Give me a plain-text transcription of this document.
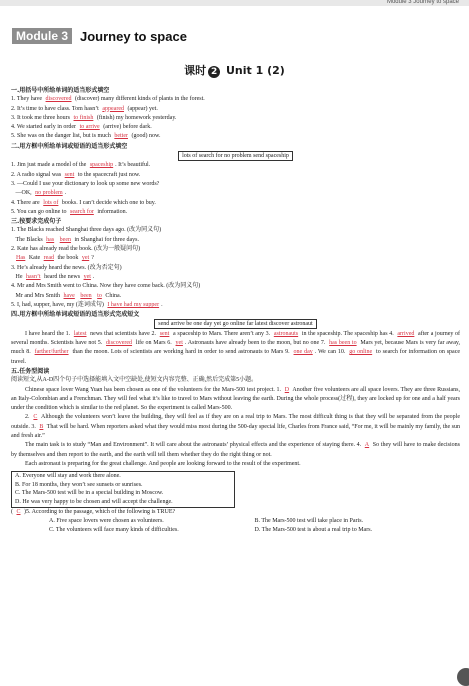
Module 3 Journey to space
Module 3 Journey to space
课时 2 Unit 1 (2)
一.用括号中所给单词的适当形式填空
1. They have discovered (discover) many different kinds of plants in the forest.
2. It’s time to have class. Tom hasn’t appeared (appear) yet.
3. It took me three hours to finish (finish) my homework yesterday.
4. We started early in order to arrive (arrive) before dark.
5. She was on the danger list, but is much better (good) now.
二.用方框中所给单词或短语的适当形式填空
lots of search for no problem send spaceship
1. Jim just made a model of the spaceship . It’s beautiful.
2. A radio signal was sent to the spacecraft just now.
3. —Could I use your dictionary to look up some new words?
—OK, no problem .
4. There are lots of books. I can’t decide which one to buy.
5. You can go online to search for information.
三.按要求完成句子
1. The Blacks reached Shanghai three days ago. (改为同义句)
The Blacks has been in Shanghai for three days.
2. Kate has already read the book. (改为一般疑问句)
Has Kate read the book yet ?
3. He’s already heard the news. (改为否定句)
He hasn’t heard the news yet .
4. Mr and Mrs Smith went to China. Now they have come back. (改为同义句)
Mr and Mrs Smith have been to China.
5. I, had, supper, have, my (连词成句) I have had my supper .
四.用方框中所给单词或短语的适当形式完成短文
send arrive be one day yet go online far latest discover astronaut
I have heard the 1. latest news that scientists have 2. sent a spaceship to Mars. There aren’t any 3. astronauts in the spaceship. The spaceship has 4. arrived after a journey of several months. Scientists have not 5. discovered life on Mars 6. yet . Astronauts have already been to the moon, but no one 7. has been to Mars yet, because Mars is very far away, much 8. farther/further than the moon. Lots of scientists are working hard in order to send astronauts to Mars 9. one day . We can 10. go online to search for information on space travel.
五.任务型阅读
阅读短文,从A-D四个句子中选择能填入文中空缺处,使短文内容完整、正确,然后完成第5小题。
Chinese space lover Wang Yuan has been chosen as one of the volunteers for the Mars-500 test project. 1. D Another five volunteers are all space lovers. They are three Russians, an Italy-Colombian and a Frenchman. They will feel what it’s like to travel to Mars without leaving the earth. During the whole process(过程), they are locked up for one and a half years under the condition which is similar to the red planet. So the experiment is called Mars-500.
2. C Although the volunteers won’t leave the building, they will feel as if they are on a real trip to Mars. The most difficult thing is that they will be separated from the people outside. 3. B That will be hard. When reporters asked what they would miss most during the 500-day special life, Charles from France said, “For me, it will be mainly my family, the sun and fresh air.”
The main task is to study “Man and Environment”. It will care about the astronauts’ physical effects and the experience of staying there. 4. A So they will have to make decisions by themselves and then report to the earth, and the earth will tell them whether they do the right thing or not.
Each astronaut is preparing for the great challenge. And people are looking forward to the result of the experiment.
A. Everyone will stay and work there alone.
B. For 18 months, they won’t see sunsets or sunrises.
C. The Mars-500 test will be in a special building in Moscow.
D. He was very happy to be chosen and will accept the challenge.
( C )5. According to the passage, which of the following is TRUE?
A. Five space lovers were chosen as volunteers.	B. The Mars-500 test will take place in Paris.
C. The volunteers will face many kinds of difficulties.	D. The Mars-500 test is about a real trip to Mars.
